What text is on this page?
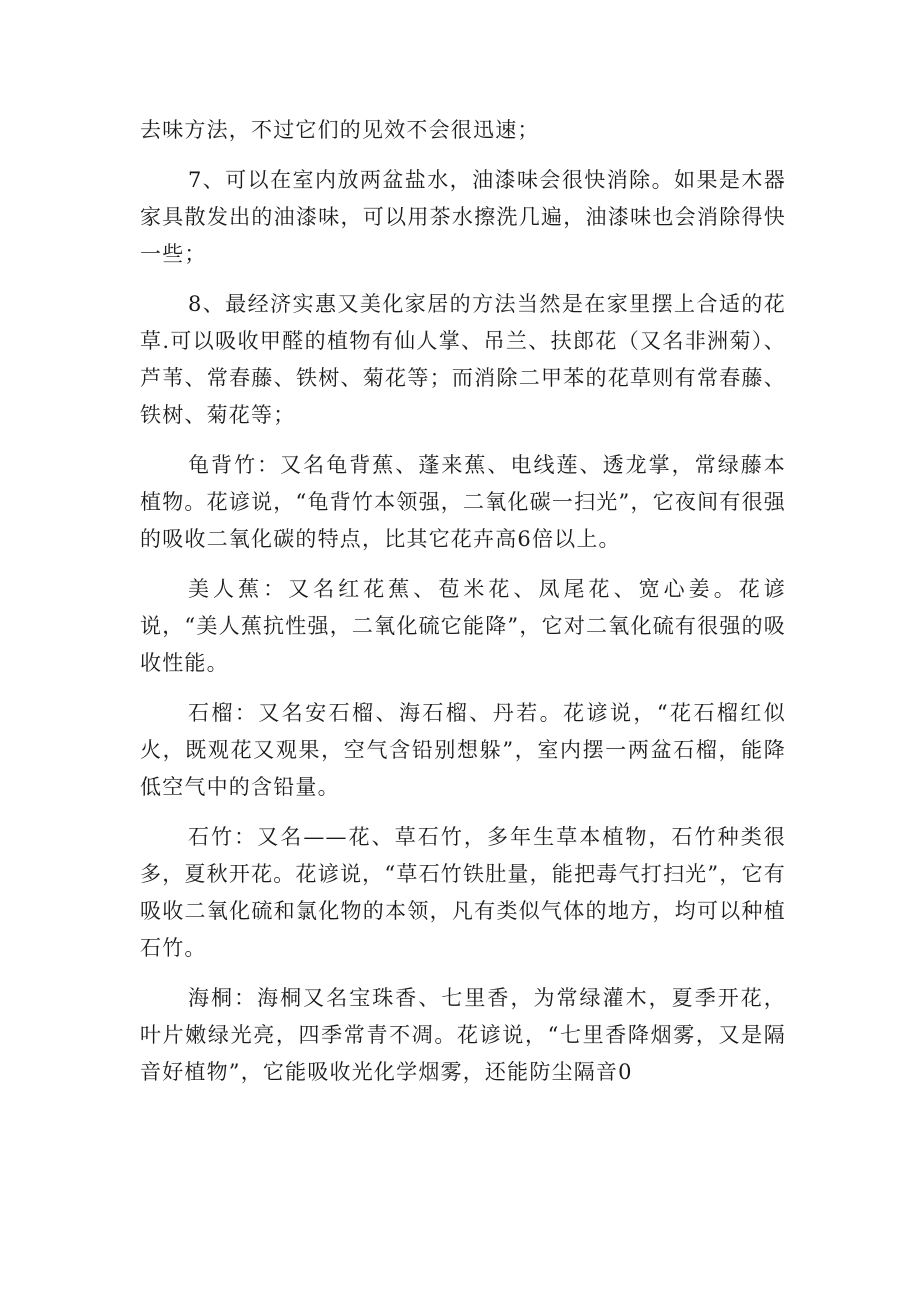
去味方法，不过它们的见效不会很迅速；

7、可以在室内放两盆盐水，油漆味会很快消除。如果是木器家具散发出的油漆味，可以用茶水擦洗几遍，油漆味也会消除得快一些；

8、最经济实惠又美化家居的方法当然是在家里摆上合适的花草.可以吸收甲醛的植物有仙人掌、吊兰、扶郎花（又名非洲菊）、芦苇、常春藤、铁树、菊花等；而消除二甲苯的花草则有常春藤、铁树、菊花等；

龟背竹：又名龟背蕉、蓬来蕉、电线莲、透龙掌，常绿藤本植物。花谚说，“龟背竹本领强，二氧化碳一扫光”，它夜间有很强的吸收二氧化碳的特点，比其它花卉高6倍以上。

美人蕉：又名红花蕉、苞米花、凤尾花、宽心姜。花谚说，“美人蕉抗性强，二氧化硫它能降”，它对二氧化硫有很强的吸收性能。

石榴：又名安石榴、海石榴、丹若。花谚说，“花石榴红似火，既观花又观果，空气含铅别想躲”，室内摆一两盆石榴，能降低空气中的含铅量。

石竹：又名——花、草石竹，多年生草本植物，石竹种类很多，夏秋开花。花谚说，“草石竹铁肚量，能把毒气打扫光”，它有吸收二氧化硫和氯化物的本领，凡有类似气体的地方，均可以种植石竹。

海桐：海桐又名宝珠香、七里香，为常绿灌木，夏季开花，叶片嫩绿光亮，四季常青不凋。花谚说，“七里香降烟雾，又是隔音好植物”，它能吸收光化学烟雾，还能防尘隔音0
